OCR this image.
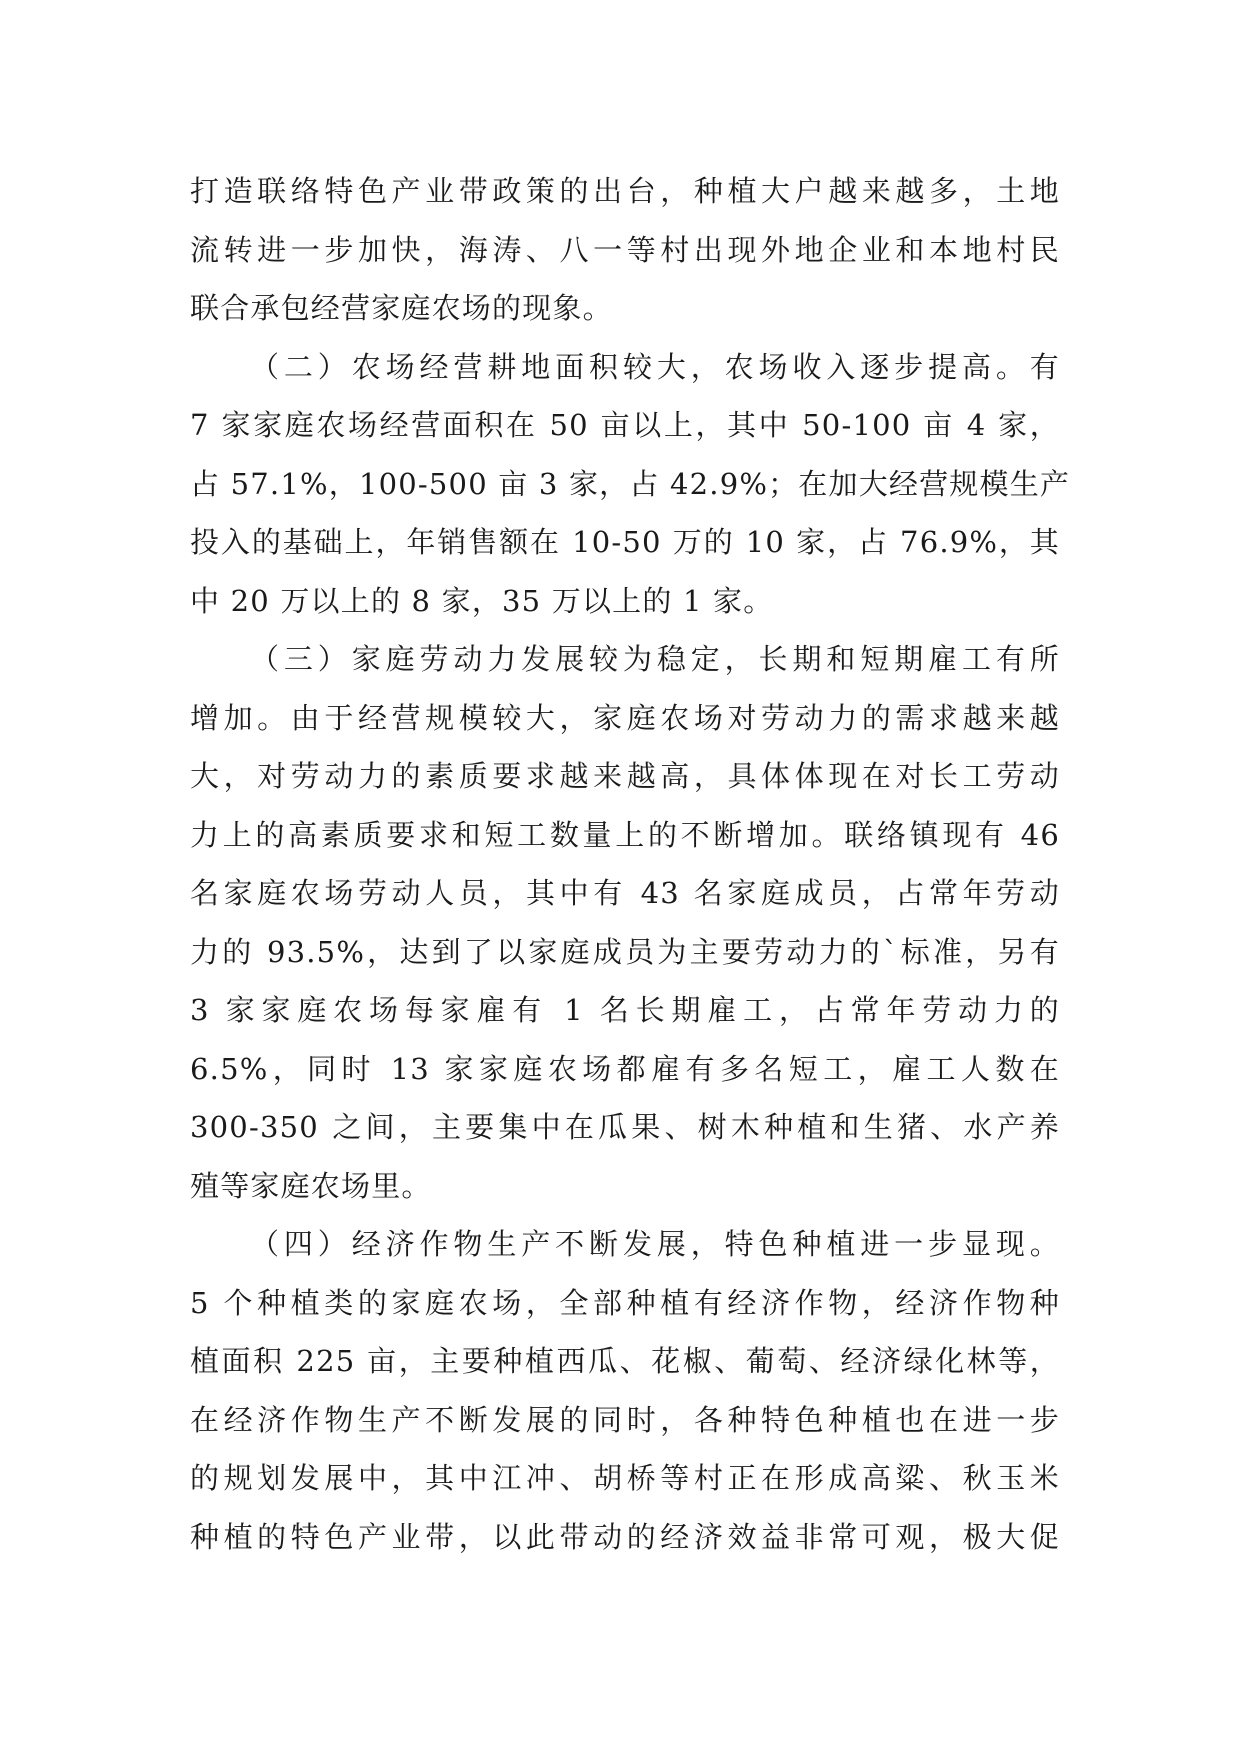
打造联络特色产业带政策的出台，种植大户越来越多，土地
流转进一步加快，海涛、八一等村出现外地企业和本地村民
联合承包经营家庭农场的现象。
（二）农场经营耕地面积较大，农场收入逐步提高。有
7 家家庭农场经营面积在 50 亩以上，其中 50-100 亩 4 家，
占 57.1%，100-500 亩 3 家，占 42.9%；在加大经营规模生产
投入的基础上，年销售额在 10-50 万的 10 家，占 76.9%，其
中 20 万以上的 8 家，35 万以上的 1 家。
（三）家庭劳动力发展较为稳定，长期和短期雇工有所
增加。由于经营规模较大，家庭农场对劳动力的需求越来越
大，对劳动力的素质要求越来越高，具体体现在对长工劳动
力上的高素质要求和短工数量上的不断增加。联络镇现有 46
名家庭农场劳动人员，其中有 43 名家庭成员，占常年劳动
力的 93.5%，达到了以家庭成员为主要劳动力的`标准，另有
3 家家庭农场每家雇有 1 名长期雇工，占常年劳动力的
6.5%，同时 13 家家庭农场都雇有多名短工，雇工人数在
300-350 之间，主要集中在瓜果、树木种植和生猪、水产养
殖等家庭农场里。
（四）经济作物生产不断发展，特色种植进一步显现。
5 个种植类的家庭农场，全部种植有经济作物，经济作物种
植面积 225 亩，主要种植西瓜、花椒、葡萄、经济绿化林等，
在经济作物生产不断发展的同时，各种特色种植也在进一步
的规划发展中，其中江冲、胡桥等村正在形成高粱、秋玉米
种植的特色产业带，以此带动的经济效益非常可观，极大促
